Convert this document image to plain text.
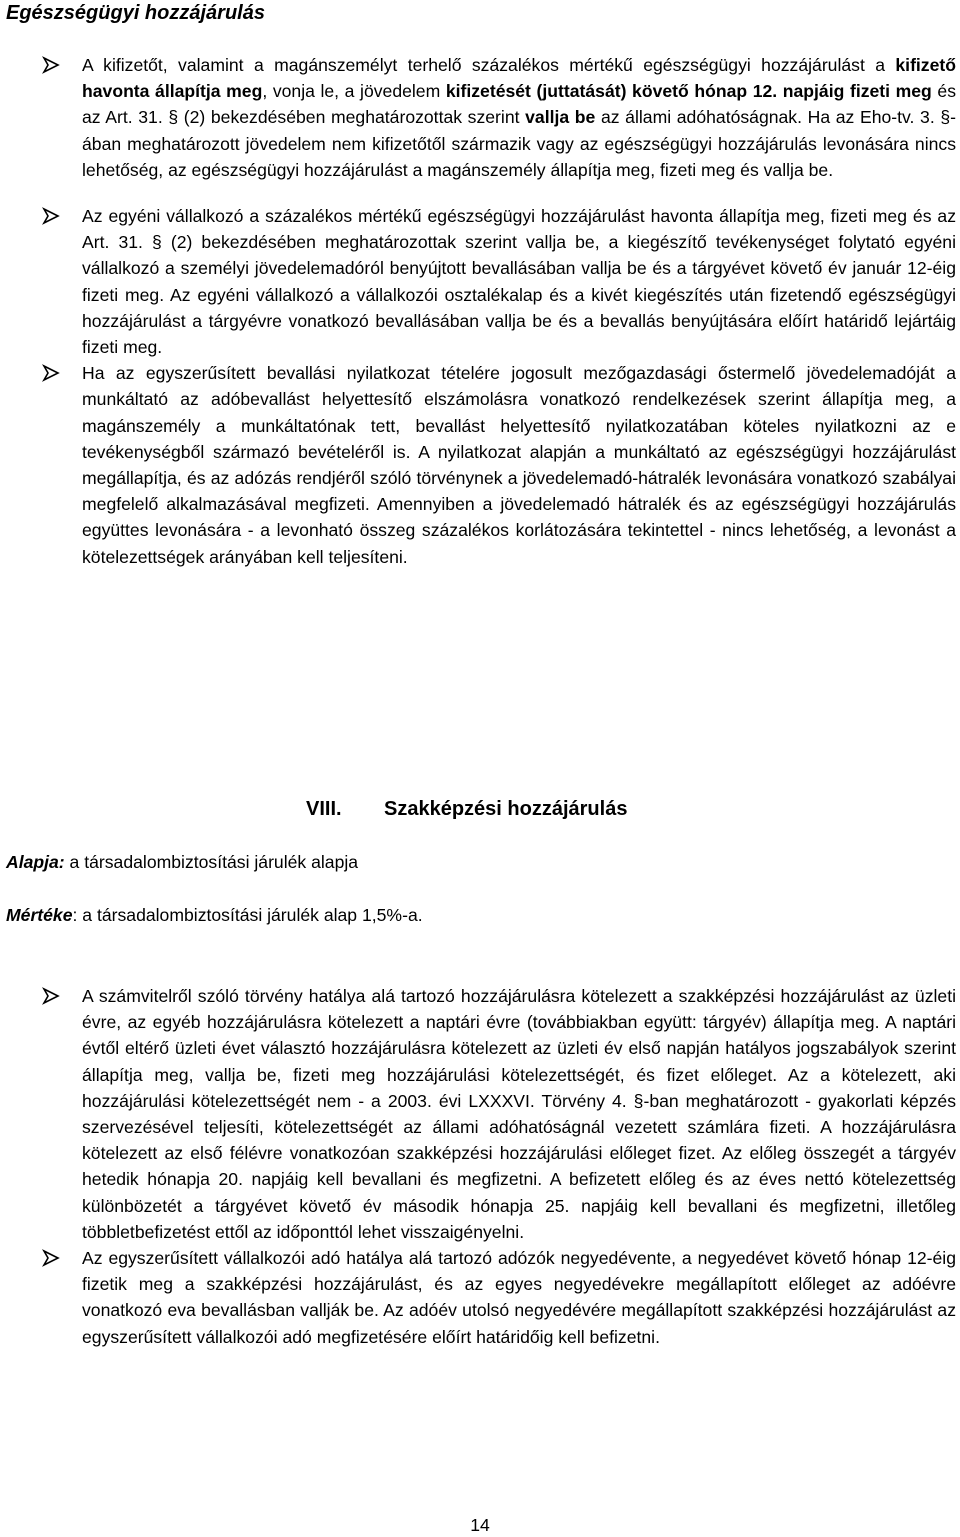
Egészségügyi hozzájárulás
A kifizetőt, valamint a magánszemélyt terhelő százalékos mértékű egészségügyi hozzájárulást a kifizető havonta állapítja meg, vonja le, a jövedelem kifizetését (juttatását) követő hónap 12. napjáig fizeti meg és az Art. 31. § (2) bekezdésében meghatározottak szerint vallja be az állami adóhatóságnak. Ha az Eho-tv. 3. §-ában meghatározott jövedelem nem kifizetőtől származik vagy az egészségügyi hozzájárulás levonására nincs lehetőség, az egészségügyi hozzájárulást a magánszemély állapítja meg, fizeti meg és vallja be.
Az egyéni vállalkozó a százalékos mértékű egészségügyi hozzájárulást havonta állapítja meg, fizeti meg és az Art. 31. § (2) bekezdésében meghatározottak szerint vallja be, a kiegészítő tevékenységet folytató egyéni vállalkozó a személyi jövedelemadóról benyújtott bevallásában vallja be és a tárgyévet követő év január 12-éig fizeti meg. Az egyéni vállalkozó a vállalkozói osztalékalap és a kivét kiegészítés után fizetendő egészségügyi hozzájárulást a tárgyévre vonatkozó bevallásában vallja be és a bevallás benyújtására előírt határidő lejártáig fizeti meg.
Ha az egyszerűsített bevallási nyilatkozat tételére jogosult mezőgazdasági őstermelő jövedelemadóját a munkáltató az adóbevallást helyettesítő elszámolásra vonatkozó rendelkezések szerint állapítja meg, a magánszemély a munkáltatónak tett, bevallást helyettesítő nyilatkozatában köteles nyilatkozni az e tevékenységből származó bevételéről is. A nyilatkozat alapján a munkáltató az egészségügyi hozzájárulást megállapítja, és az adózás rendjéről szóló törvénynek a jövedelemadó-hátralék levonására vonatkozó szabályai megfelelő alkalmazásával megfizeti. Amennyiben a jövedelemadó hátralék és az egészségügyi hozzájárulás együttes levonására - a levonható összeg százalékos korlátozására tekintettel - nincs lehetőség, a levonást a kötelezettségek arányában kell teljesíteni.
VIII. Szakképzési hozzájárulás
Alapja: a társadalombiztosítási járulék alapja
Mértéke: a társadalombiztosítási járulék alap 1,5%-a.
A számvitelről szóló törvény hatálya alá tartozó hozzájárulásra kötelezett a szakképzési hozzájárulást az üzleti évre, az egyéb hozzájárulásra kötelezett a naptári évre (továbbiakban együtt: tárgyév) állapítja meg. A naptári évtől eltérő üzleti évet választó hozzájárulásra kötelezett az üzleti év első napján hatályos jogszabályok szerint állapítja meg, vallja be, fizeti meg hozzájárulási kötelezettségét, és fizet előleget. Az a kötelezett, aki hozzájárulási kötelezettségét nem - a 2003. évi LXXXVI. Törvény 4. §-ban meghatározott - gyakorlati képzés szervezésével teljesíti, kötelezettségét az állami adóhatóságnál vezetett számlára fizeti. A hozzájárulásra kötelezett az első félévre vonatkozóan szakképzési hozzájárulási előleget fizet. Az előleg összegét a tárgyév hetedik hónapja 20. napjáig kell bevallani és megfizetni. A befizetett előleg és az éves nettó kötelezettség különbözetét a tárgyévet követő év második hónapja 25. napjáig kell bevallani és megfizetni, illetőleg többletbefizetést ettől az időponttól lehet visszaigényelni.
Az egyszerűsített vállalkozói adó hatálya alá tartozó adózók negyedévente, a negyedévet követő hónap 12-éig fizetik meg a szakképzési hozzájárulást, és az egyes negyedévekre megállapított előleget az adóévre vonatkozó eva bevallásban vallják be. Az adóév utolsó negyedévére megállapított szakképzési hozzájárulást az egyszerűsített vállalkozói adó megfizetésére előírt határidőig kell befizetni.
14
